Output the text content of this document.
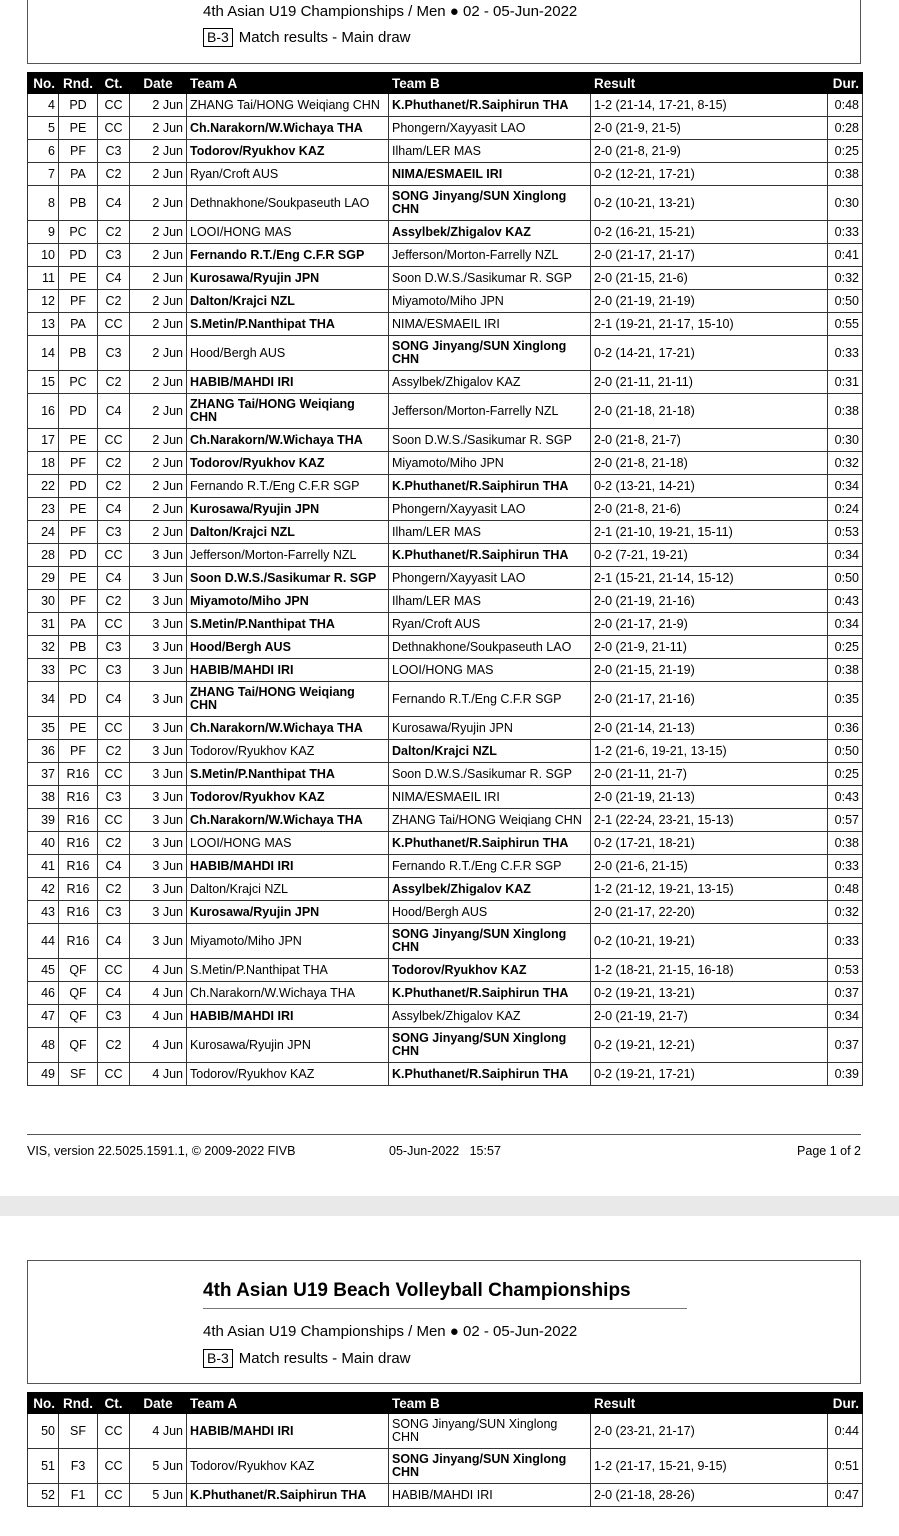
4th Asian U19 Championships / Men ● 02 - 05-Jun-2022
B-3 Match results - Main draw
No.	Rnd.	Ct.	Date	Team A	Team B	Result	Dur.
4	PD	CC	2 Jun	ZHANG Tai/HONG Weiqiang CHN	K.Phuthanet/R.Saiphirun THA	1-2 (21-14, 17-21, 8-15)	0:48
5	PE	CC	2 Jun	Ch.Narakorn/W.Wichaya THA	Phongern/Xayyasit LAO	2-0 (21-9, 21-5)	0:28
6	PF	C3	2 Jun	Todorov/Ryukhov KAZ	Ilham/LER MAS	2-0 (21-8, 21-9)	0:25
7	PA	C2	2 Jun	Ryan/Croft AUS	NIMA/ESMAEIL IRI	0-2 (12-21, 17-21)	0:38
8	PB	C4	2 Jun	Dethnakhone/Soukpaseuth LAO	SONG Jinyang/SUN Xinglong CHN	0-2 (10-21, 13-21)	0:30
9	PC	C2	2 Jun	LOOI/HONG MAS	Assylbek/Zhigalov KAZ	0-2 (16-21, 15-21)	0:33
10	PD	C3	2 Jun	Fernando R.T./Eng C.F.R SGP	Jefferson/Morton-Farrelly NZL	2-0 (21-17, 21-17)	0:41
11	PE	C4	2 Jun	Kurosawa/Ryujin JPN	Soon D.W.S./Sasikumar R. SGP	2-0 (21-15, 21-6)	0:32
12	PF	C2	2 Jun	Dalton/Krajci NZL	Miyamoto/Miho JPN	2-0 (21-19, 21-19)	0:50
13	PA	CC	2 Jun	S.Metin/P.Nanthipat THA	NIMA/ESMAEIL IRI	2-1 (19-21, 21-17, 15-10)	0:55
14	PB	C3	2 Jun	Hood/Bergh AUS	SONG Jinyang/SUN Xinglong CHN	0-2 (14-21, 17-21)	0:33
15	PC	C2	2 Jun	HABIB/MAHDI IRI	Assylbek/Zhigalov KAZ	2-0 (21-11, 21-11)	0:31
16	PD	C4	2 Jun	ZHANG Tai/HONG Weiqiang CHN	Jefferson/Morton-Farrelly NZL	2-0 (21-18, 21-18)	0:38
17	PE	CC	2 Jun	Ch.Narakorn/W.Wichaya THA	Soon D.W.S./Sasikumar R. SGP	2-0 (21-8, 21-7)	0:30
18	PF	C2	2 Jun	Todorov/Ryukhov KAZ	Miyamoto/Miho JPN	2-0 (21-8, 21-18)	0:32
22	PD	C2	2 Jun	Fernando R.T./Eng C.F.R SGP	K.Phuthanet/R.Saiphirun THA	0-2 (13-21, 14-21)	0:34
23	PE	C4	2 Jun	Kurosawa/Ryujin JPN	Phongern/Xayyasit LAO	2-0 (21-8, 21-6)	0:24
24	PF	C3	2 Jun	Dalton/Krajci NZL	Ilham/LER MAS	2-1 (21-10, 19-21, 15-11)	0:53
28	PD	CC	3 Jun	Jefferson/Morton-Farrelly NZL	K.Phuthanet/R.Saiphirun THA	0-2 (7-21, 19-21)	0:34
29	PE	C4	3 Jun	Soon D.W.S./Sasikumar R. SGP	Phongern/Xayyasit LAO	2-1 (15-21, 21-14, 15-12)	0:50
30	PF	C2	3 Jun	Miyamoto/Miho JPN	Ilham/LER MAS	2-0 (21-19, 21-16)	0:43
31	PA	CC	3 Jun	S.Metin/P.Nanthipat THA	Ryan/Croft AUS	2-0 (21-17, 21-9)	0:34
32	PB	C3	3 Jun	Hood/Bergh AUS	Dethnakhone/Soukpaseuth LAO	2-0 (21-9, 21-11)	0:25
33	PC	C3	3 Jun	HABIB/MAHDI IRI	LOOI/HONG MAS	2-0 (21-15, 21-19)	0:38
34	PD	C4	3 Jun	ZHANG Tai/HONG Weiqiang CHN	Fernando R.T./Eng C.F.R SGP	2-0 (21-17, 21-16)	0:35
35	PE	CC	3 Jun	Ch.Narakorn/W.Wichaya THA	Kurosawa/Ryujin JPN	2-0 (21-14, 21-13)	0:36
36	PF	C2	3 Jun	Todorov/Ryukhov KAZ	Dalton/Krajci NZL	1-2 (21-6, 19-21, 13-15)	0:50
37	R16	CC	3 Jun	S.Metin/P.Nanthipat THA	Soon D.W.S./Sasikumar R. SGP	2-0 (21-11, 21-7)	0:25
38	R16	C3	3 Jun	Todorov/Ryukhov KAZ	NIMA/ESMAEIL IRI	2-0 (21-19, 21-13)	0:43
39	R16	CC	3 Jun	Ch.Narakorn/W.Wichaya THA	ZHANG Tai/HONG Weiqiang CHN	2-1 (22-24, 23-21, 15-13)	0:57
40	R16	C2	3 Jun	LOOI/HONG MAS	K.Phuthanet/R.Saiphirun THA	0-2 (17-21, 18-21)	0:38
41	R16	C4	3 Jun	HABIB/MAHDI IRI	Fernando R.T./Eng C.F.R SGP	2-0 (21-6, 21-15)	0:33
42	R16	C2	3 Jun	Dalton/Krajci NZL	Assylbek/Zhigalov KAZ	1-2 (21-12, 19-21, 13-15)	0:48
43	R16	C3	3 Jun	Kurosawa/Ryujin JPN	Hood/Bergh AUS	2-0 (21-17, 22-20)	0:32
44	R16	C4	3 Jun	Miyamoto/Miho JPN	SONG Jinyang/SUN Xinglong CHN	0-2 (10-21, 19-21)	0:33
45	QF	CC	4 Jun	S.Metin/P.Nanthipat THA	Todorov/Ryukhov KAZ	1-2 (18-21, 21-15, 16-18)	0:53
46	QF	C4	4 Jun	Ch.Narakorn/W.Wichaya THA	K.Phuthanet/R.Saiphirun THA	0-2 (19-21, 13-21)	0:37
47	QF	C3	4 Jun	HABIB/MAHDI IRI	Assylbek/Zhigalov KAZ	2-0 (21-19, 21-7)	0:34
48	QF	C2	4 Jun	Kurosawa/Ryujin JPN	SONG Jinyang/SUN Xinglong CHN	0-2 (19-21, 12-21)	0:37
49	SF	CC	4 Jun	Todorov/Ryukhov KAZ	K.Phuthanet/R.Saiphirun THA	0-2 (19-21, 17-21)	0:39
VIS, version 22.5025.1591.1, © 2009-2022 FIVB	05-Jun-2022   15:57	Page 1 of 2
4th Asian U19 Beach Volleyball Championships
4th Asian U19 Championships / Men ● 02 - 05-Jun-2022
B-3 Match results - Main draw
No.	Rnd.	Ct.	Date	Team A	Team B	Result	Dur.
50	SF	CC	4 Jun	HABIB/MAHDI IRI	SONG Jinyang/SUN Xinglong CHN	2-0 (23-21, 21-17)	0:44
51	F3	CC	5 Jun	Todorov/Ryukhov KAZ	SONG Jinyang/SUN Xinglong CHN	1-2 (21-17, 15-21, 9-15)	0:51
52	F1	CC	5 Jun	K.Phuthanet/R.Saiphirun THA	HABIB/MAHDI IRI	2-0 (21-18, 28-26)	0:47
